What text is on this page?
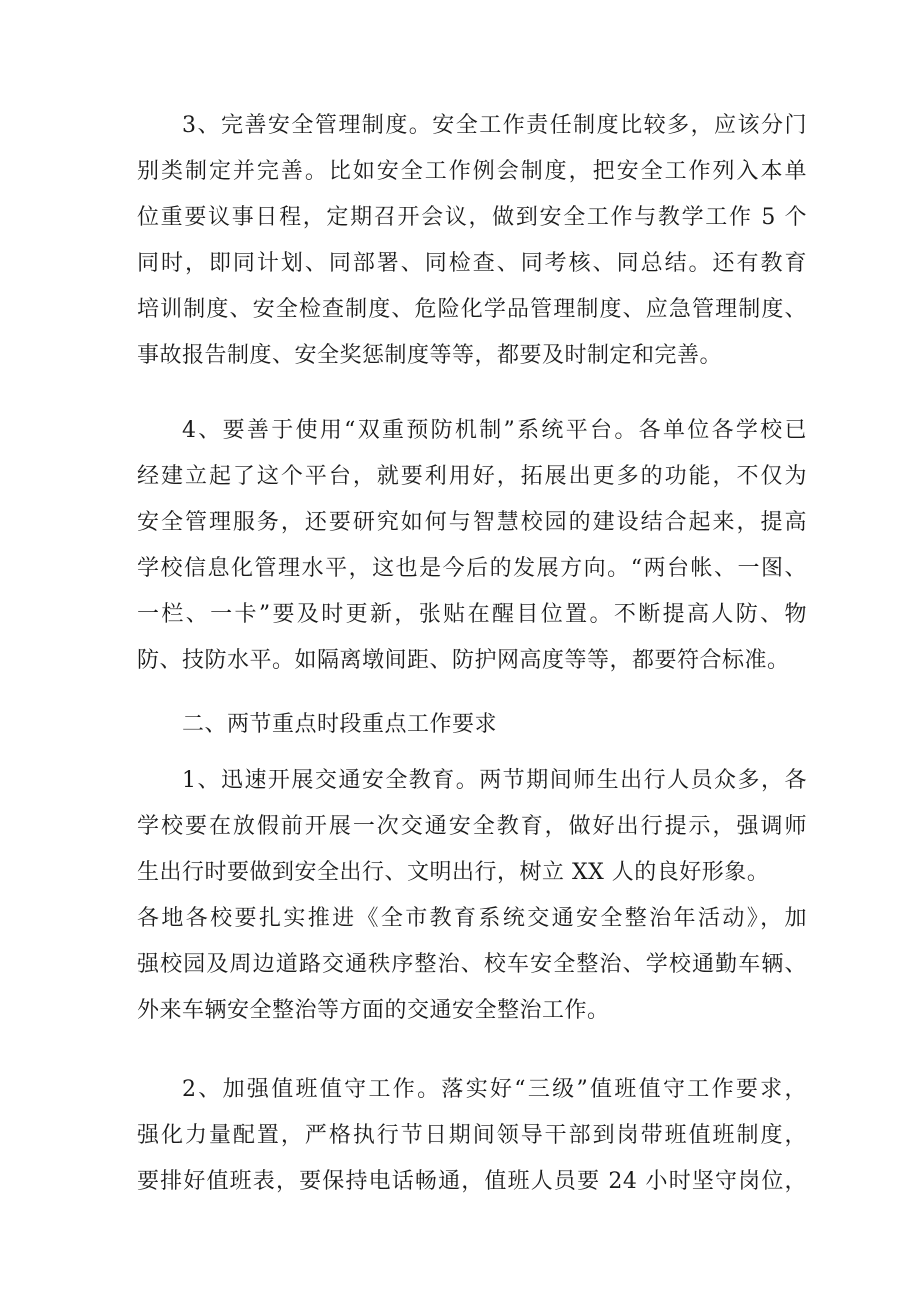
3、完善安全管理制度。安全工作责任制度比较多，应该分门
别类制定并完善。比如安全工作例会制度，把安全工作列入本单
位重要议事日程，定期召开会议，做到安全工作与教学工作 5 个
同时，即同计划、同部署、同检查、同考核、同总结。还有教育
培训制度、安全检查制度、危险化学品管理制度、应急管理制度、
事故报告制度、安全奖惩制度等等，都要及时制定和完善。
4、要善于使用“双重预防机制”系统平台。各单位各学校已
经建立起了这个平台，就要利用好，拓展出更多的功能，不仅为
安全管理服务，还要研究如何与智慧校园的建设结合起来，提高
学校信息化管理水平，这也是今后的发展方向。“两台帐、一图、
一栏、一卡”要及时更新，张贴在醒目位置。不断提高人防、物
防、技防水平。如隔离墩间距、防护网高度等等，都要符合标准。
二、两节重点时段重点工作要求
1、迅速开展交通安全教育。两节期间师生出行人员众多，各
学校要在放假前开展一次交通安全教育，做好出行提示，强调师
生出行时要做到安全出行、文明出行，树立 XX 人的良好形象。
各地各校要扎实推进《全市教育系统交通安全整治年活动》，加
强校园及周边道路交通秩序整治、校车安全整治、学校通勤车辆、
外来车辆安全整治等方面的交通安全整治工作。
2、加强值班值守工作。落实好“三级”值班值守工作要求，
强化力量配置，严格执行节日期间领导干部到岗带班值班制度，
要排好值班表，要保持电话畅通，值班人员要 24 小时坚守岗位，
